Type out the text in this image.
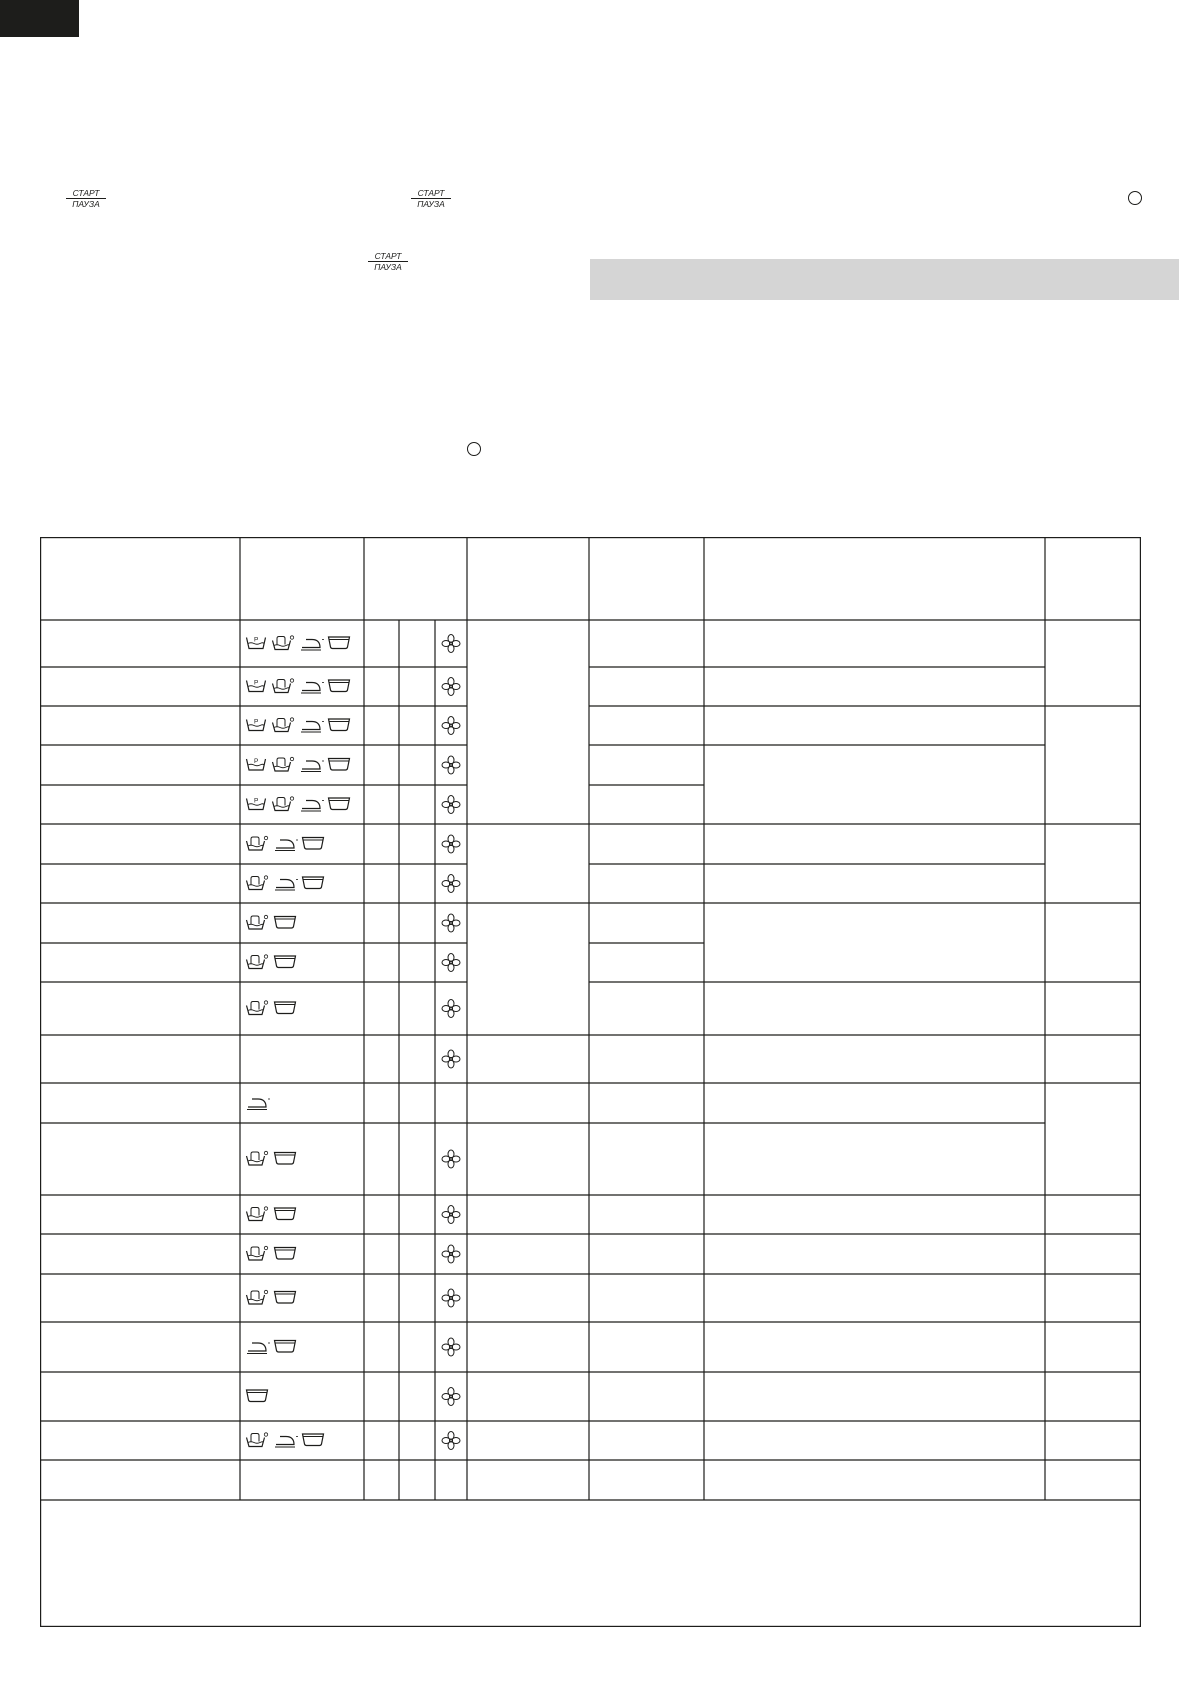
СТАРТ
ПАУЗА
СТАРТ
ПАУЗА
СТАРТ
ПАУЗА
P
